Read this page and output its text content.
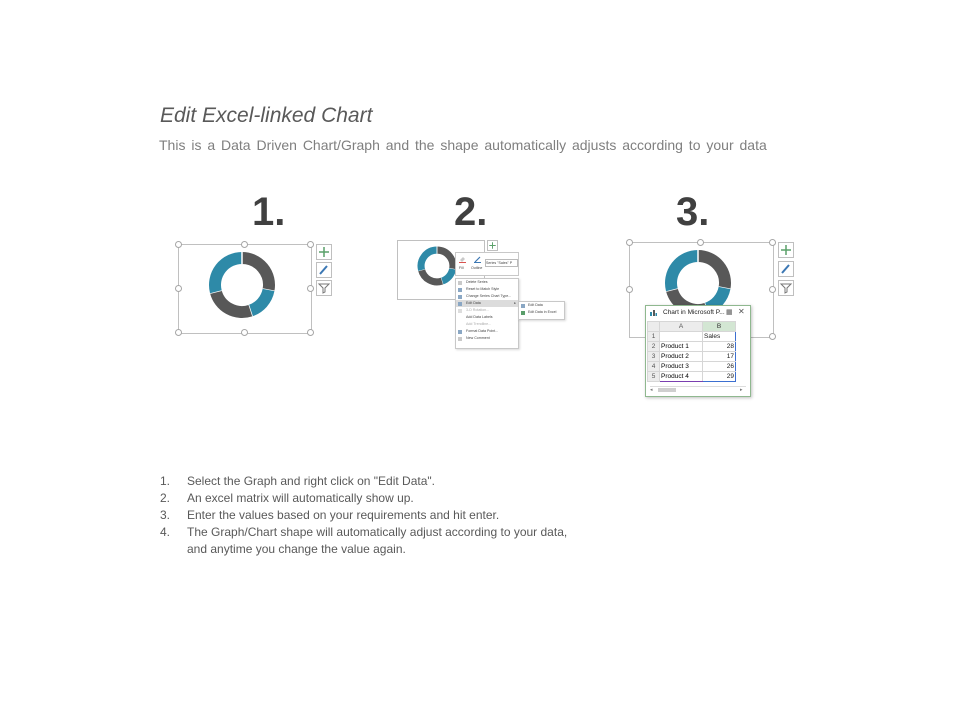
Edit Excel-linked Chart
This is a Data Driven Chart/Graph and the shape automatically adjusts according to your data
1.	2.	3.
Fill Outline
Series "Sales" P
Delete Series
Reset to Match Style
Change Series Chart Type...
Edit Data	▸
3-D Rotation...
Add Data Labels
Add Trendline...
Format Data Point...
New Comment
Edit Data
Edit Data in Excel	Chart in Microsoft P... ▦ ✕
	A	B	
1		Sales	
2	Product 1	28	
3	Product 2	17	
4	Product 3	26	
5	Product 4	29	
◂	▸
1. Select the Graph and right click on "Edit Data".
2. An excel matrix will automatically show up.
3. Enter the values based on your requirements and hit enter.
4. The Graph/Chart shape will automatically adjust according to your data,
and anytime you change the value again.
